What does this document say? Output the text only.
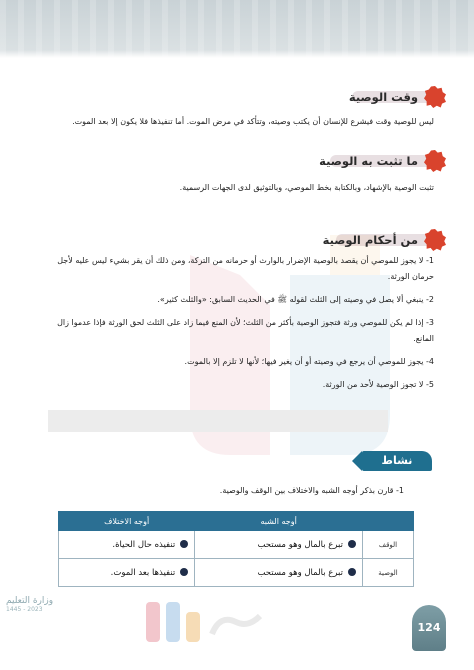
وقت الوصية
ليس للوصية وقت فيشرع للإنسان أن يكتب وصيته، وتتأكد في مرض الموت. أما تنفيذها فلا يكون إلا بعد الموت.
ما تثبت به الوصية
تثبت الوصية بالإشهاد، وبالكتابة بخط الموصي، وبالتوثيق لدى الجهات الرسمية.
من أحكام الوصية
1- لا يجوز للموصي أن يقصد بالوصية الإضرار بالوارث أو حرمانه من التركة، ومن ذلك أن يقر بشيء ليس عليه لأجل حرمان الورثة.
2- ينبغي ألا يصل في وصيته إلى الثلث لقوله ﷺ في الحديث السابق: «والثلث كثير».
3- إذا لم يكن للموصي ورثة فتجوز الوصية بأكثر من الثلث؛ لأن المنع فيما زاد على الثلث لحق الورثة فإذا عدموا زال المانع.
4- يجوز للموصي أن يرجع في وصيته أو أن يغير فيها؛ لأنها لا تلزم إلا بالموت.
5- لا تجوز الوصية لأحد من الورثة.
نشاط
1- قارن بذكر أوجه الشبه والاختلاف بين الوقف والوصية.
	أوجه الشبه	أوجه الاختلاف
الوقف	تبرع بالمال وهو مستحب	تنفيذه حال الحياة.
الوصية	تبرع بالمال وهو مستحب	تنفيذها بعد الموت.
وزارة التعليم
2023 - 1445
124
